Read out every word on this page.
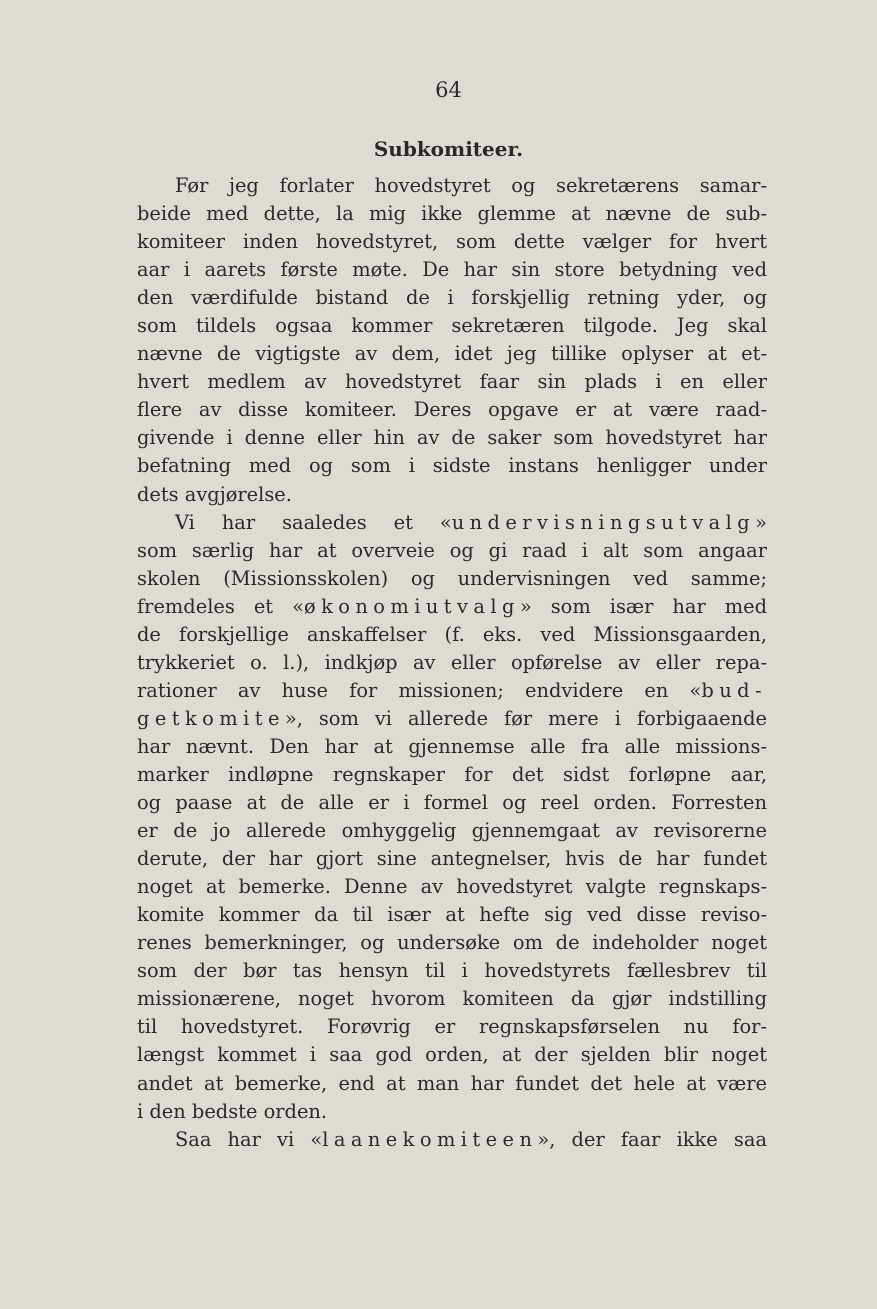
64
Subkomiteer.
Før jeg forlater hovedstyret og sekretærens samar-
beide med dette, la mig ikke glemme at nævne de sub-
komiteer inden hovedstyret, som dette vælger for hvert
aar i aarets første møte. De har sin store betydning ved
den værdifulde bistand de i forskjellig retning yder, og
som tildels ogsaa kommer sekretæren tilgode. Jeg skal
nævne de vigtigste av dem, idet jeg tillike oplyser at et-
hvert medlem av hovedstyret faar sin plads i en eller
flere av disse komiteer. Deres opgave er at være raad-
givende i denne eller hin av de saker som hovedstyret har
befatning med og som i sidste instans henligger under
dets avgjørelse.
Vi har saaledes et «undervisningsutvalg»
som særlig har at overveie og gi raad i alt som angaar
skolen (Missionsskolen) og undervisningen ved samme;
fremdeles et «økonomiutvalg» som især har med
de forskjellige anskaffelser (f. eks. ved Missionsgaarden,
trykkeriet o. l.), indkjøp av eller opførelse av eller repa-
rationer av huse for missionen; endvidere en «bud-
getkomite», som vi allerede før mere i forbigaaende
har nævnt. Den har at gjennemse alle fra alle missions-
marker indløpne regnskaper for det sidst forløpne aar,
og paase at de alle er i formel og reel orden. Forresten
er de jo allerede omhyggelig gjennemgaat av revisorerne
derute, der har gjort sine antegnelser, hvis de har fundet
noget at bemerke. Denne av hovedstyret valgte regnskaps-
komite kommer da til især at hefte sig ved disse reviso-
renes bemerkninger, og undersøke om de indeholder noget
som der bør tas hensyn til i hovedstyrets fællesbrev til
missionærene, noget hvorom komiteen da gjør indstilling
til hovedstyret. Forøvrig er regnskapsførselen nu for-
længst kommet i saa god orden, at der sjelden blir noget
andet at bemerke, end at man har fundet det hele at være
i den bedste orden.
Saa har vi «laanekomiteen», der faar ikke saa
